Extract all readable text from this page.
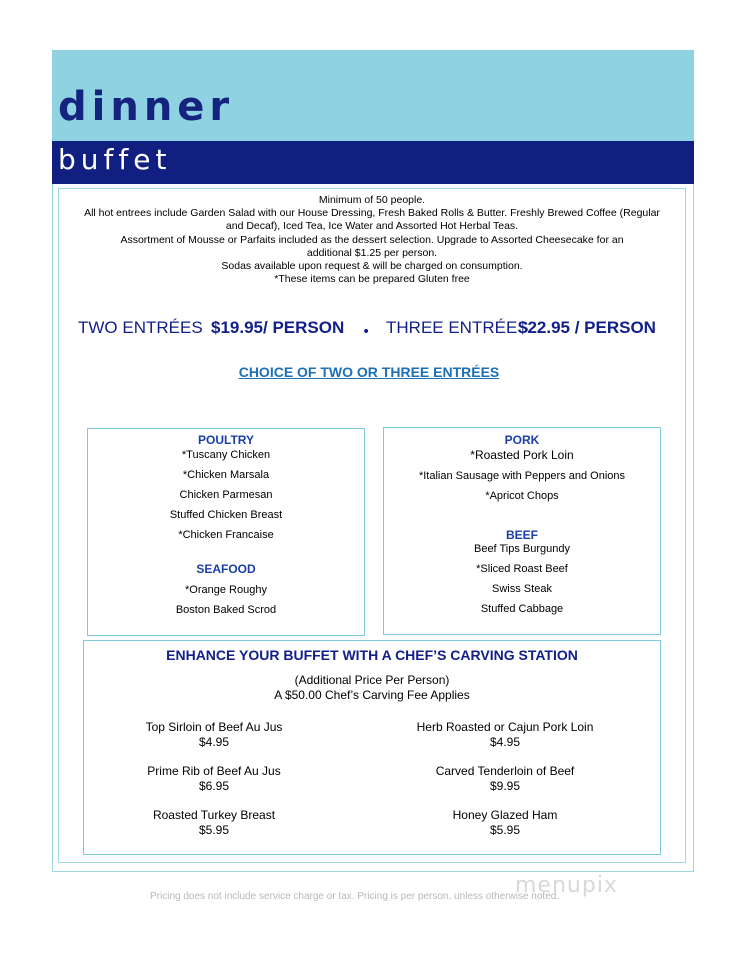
dinner
buffet
Minimum of 50 people.
All hot entrees include Garden Salad with our House Dressing, Fresh Baked Rolls & Butter. Freshly Brewed Coffee (Regular
and Decaf), Iced Tea, Ice Water and Assorted Hot Herbal Teas.
Assortment of Mousse or Parfaits included as the dessert selection. Upgrade to Assorted Cheesecake for an
additional $1.25 per person.
Sodas available upon request & will be charged on consumption.
*These items can be prepared Gluten free
TWO ENTRÉES $19.95/ PERSON • THREE ENTRÉES
$22.95 / PERSON
CHOICE OF TWO OR THREE ENTRÉES
POULTRY
*Tuscany Chicken
*Chicken Marsala
Chicken Parmesan
Stuffed Chicken Breast
*Chicken Francaise
SEAFOOD
*Orange Roughy
Boston Baked Scrod
PORK
*Roasted Pork Loin
*Italian Sausage with Peppers and Onions
*Apricot Chops
BEEF
Beef Tips Burgundy
*Sliced Roast Beef
Swiss Steak
Stuffed Cabbage
ENHANCE YOUR BUFFET WITH A CHEF’S CARVING STATION
(Additional Price Per Person)
A $50.00 Chef’s Carving Fee Applies
Top Sirloin of Beef Au Jus
$4.95
Herb Roasted or Cajun Pork Loin
$4.95
Prime Rib of Beef Au Jus
$6.95
Carved Tenderloin of Beef
$9.95
Roasted Turkey Breast
$5.95
Honey Glazed Ham
$5.95
menupix
Pricing does not include service charge or tax. Pricing is per person, unless otherwise noted.
